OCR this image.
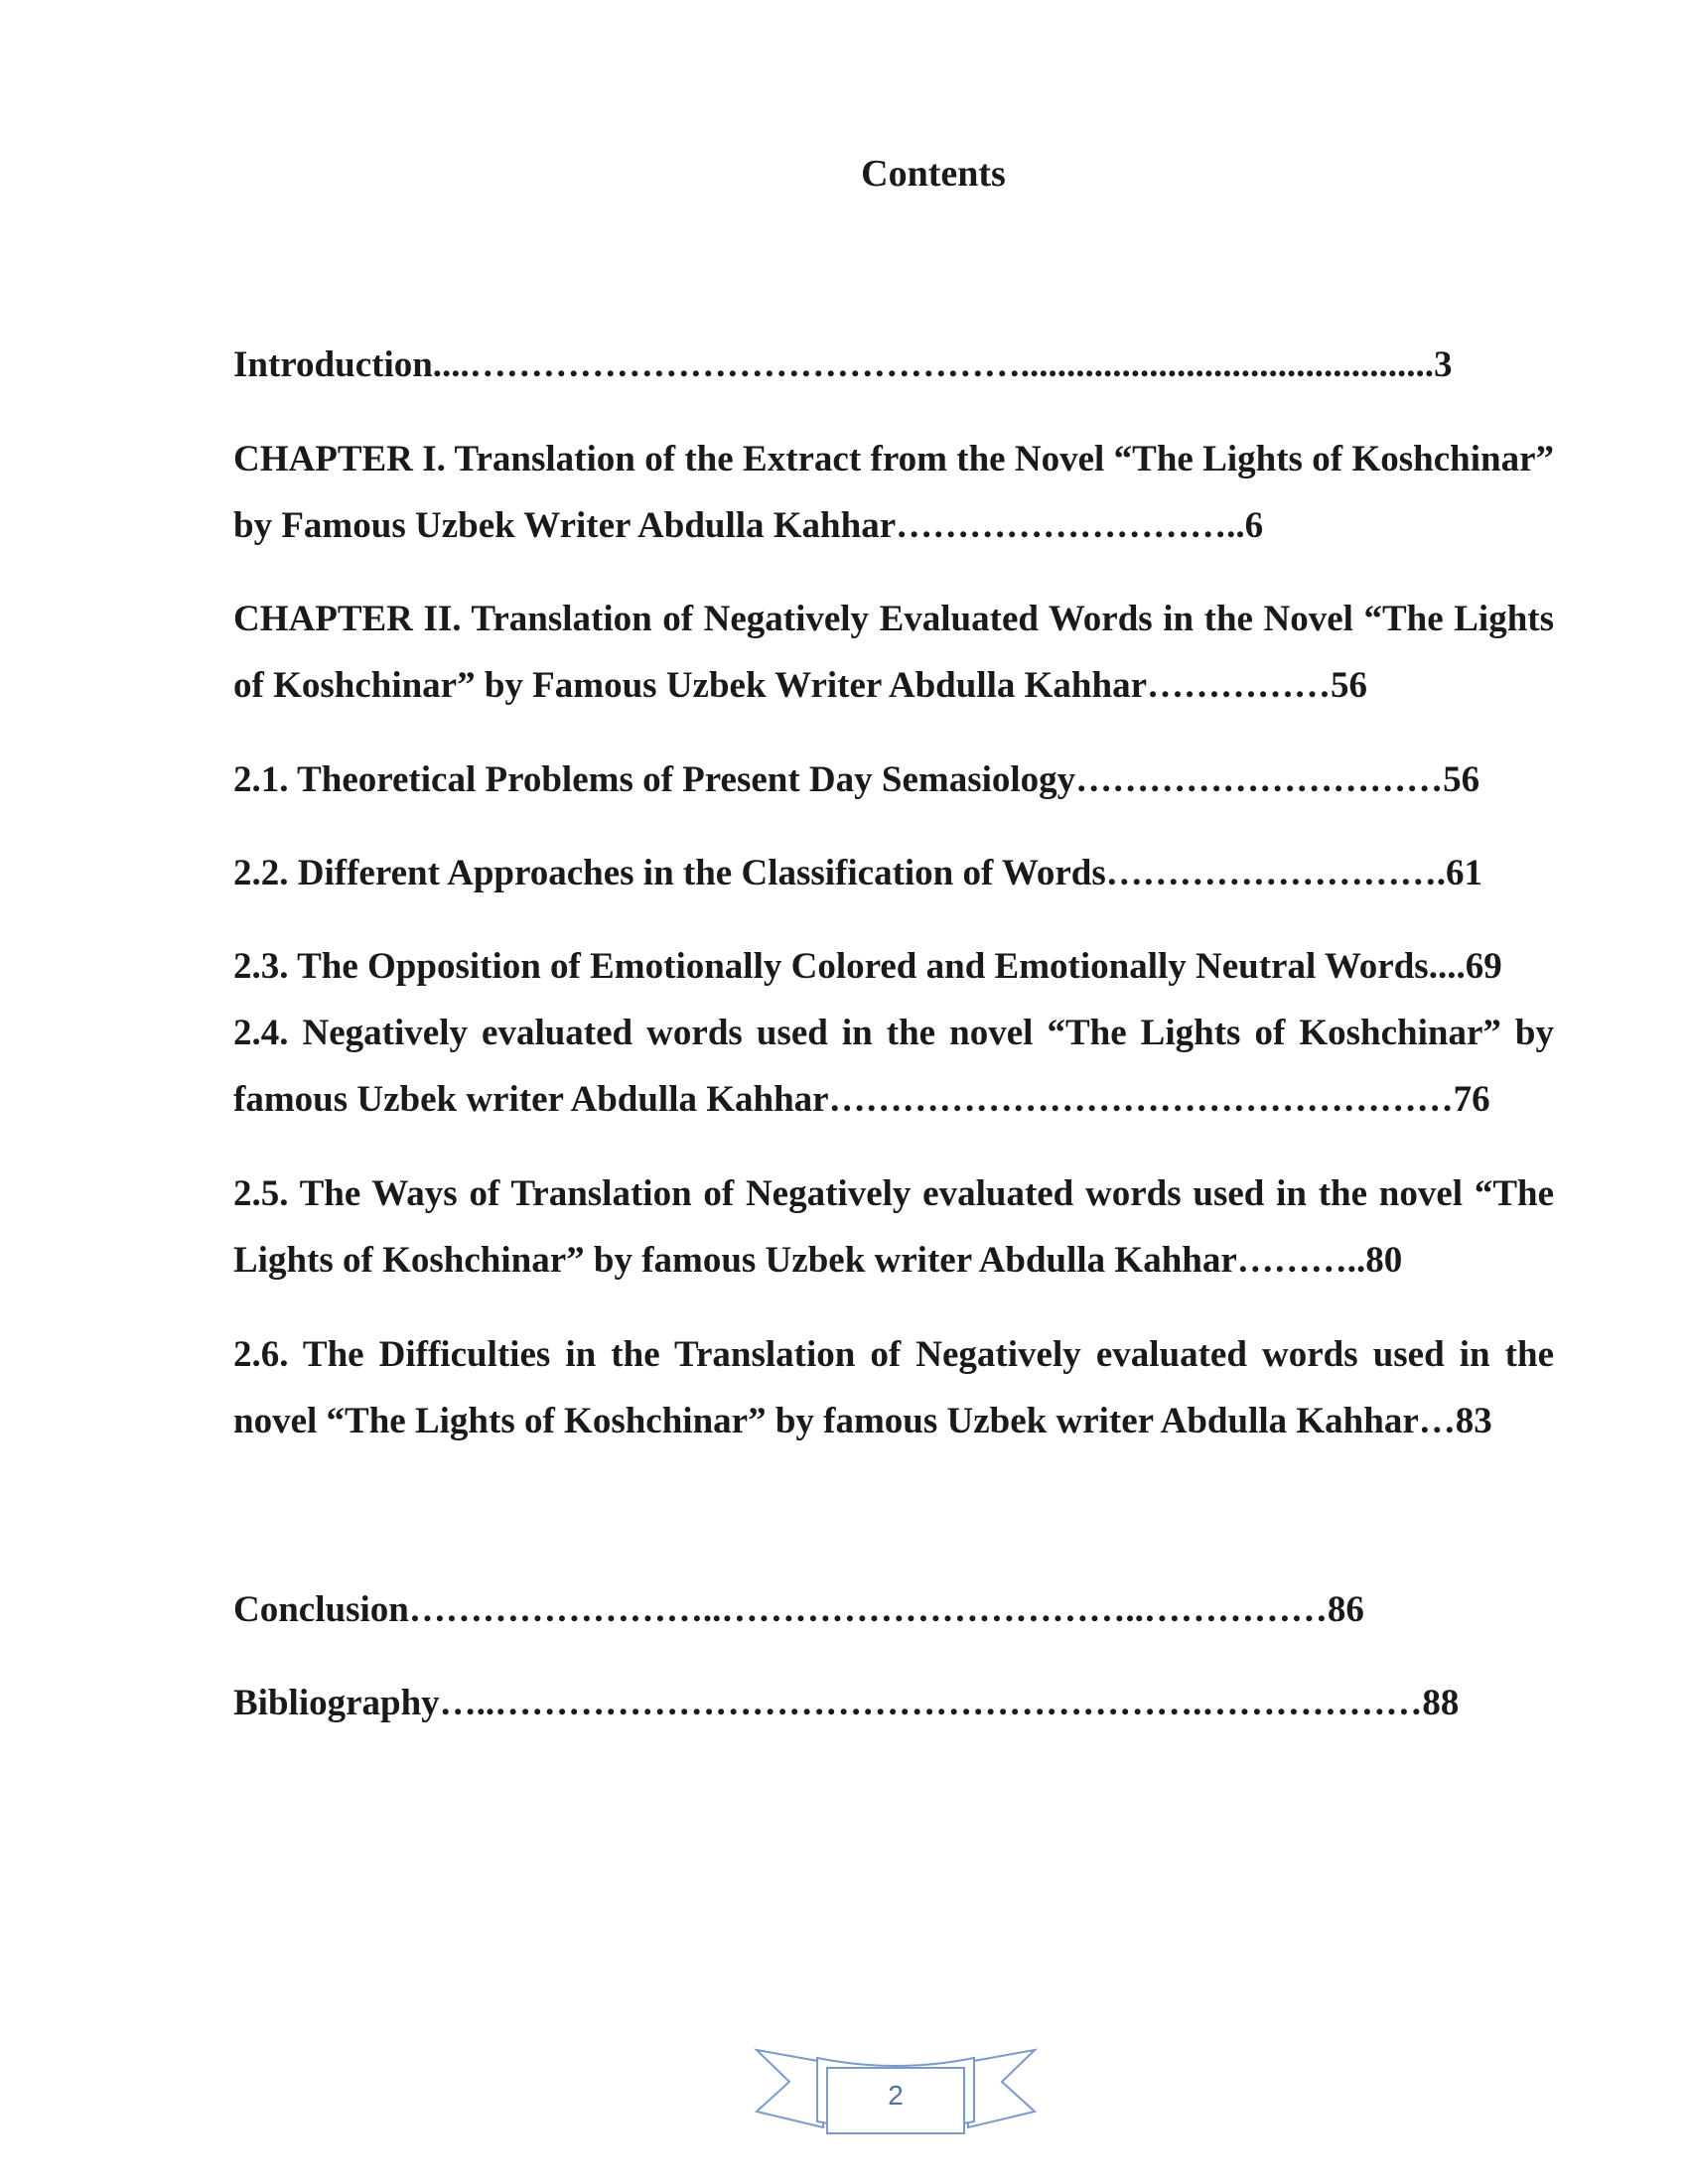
Contents
Introduction....……………………………………….............................................3
CHAPTER I. Translation of the Extract from the Novel “The Lights of Koshchinar” by Famous Uzbek Writer Abdulla Kahhar………………………..6
CHAPTER II. Translation of Negatively Evaluated Words in the Novel “The Lights of Koshchinar” by Famous Uzbek Writer Abdulla Kahhar……………56
2.1. Theoretical Problems of Present Day Semasiology…………………………56
2.2. Different Approaches in the Classification of Words……………………….61
2.3. The Opposition of Emotionally Colored and Emotionally Neutral Words....69
2.4. Negatively evaluated words used in the novel “The Lights of Koshchinar” by famous Uzbek writer Abdulla Kahhar……………………………………………76
2.5. The Ways of Translation of Negatively evaluated words used in the novel “The Lights of Koshchinar” by famous Uzbek writer Abdulla Kahhar………..80
2.6. The Difficulties in the Translation of Negatively evaluated words used in the novel “The Lights of Koshchinar” by famous Uzbek writer Abdulla Kahhar…83
Conclusion……………………..……………………………..……………86
Bibliography…..………………………………………………….………………88
2
